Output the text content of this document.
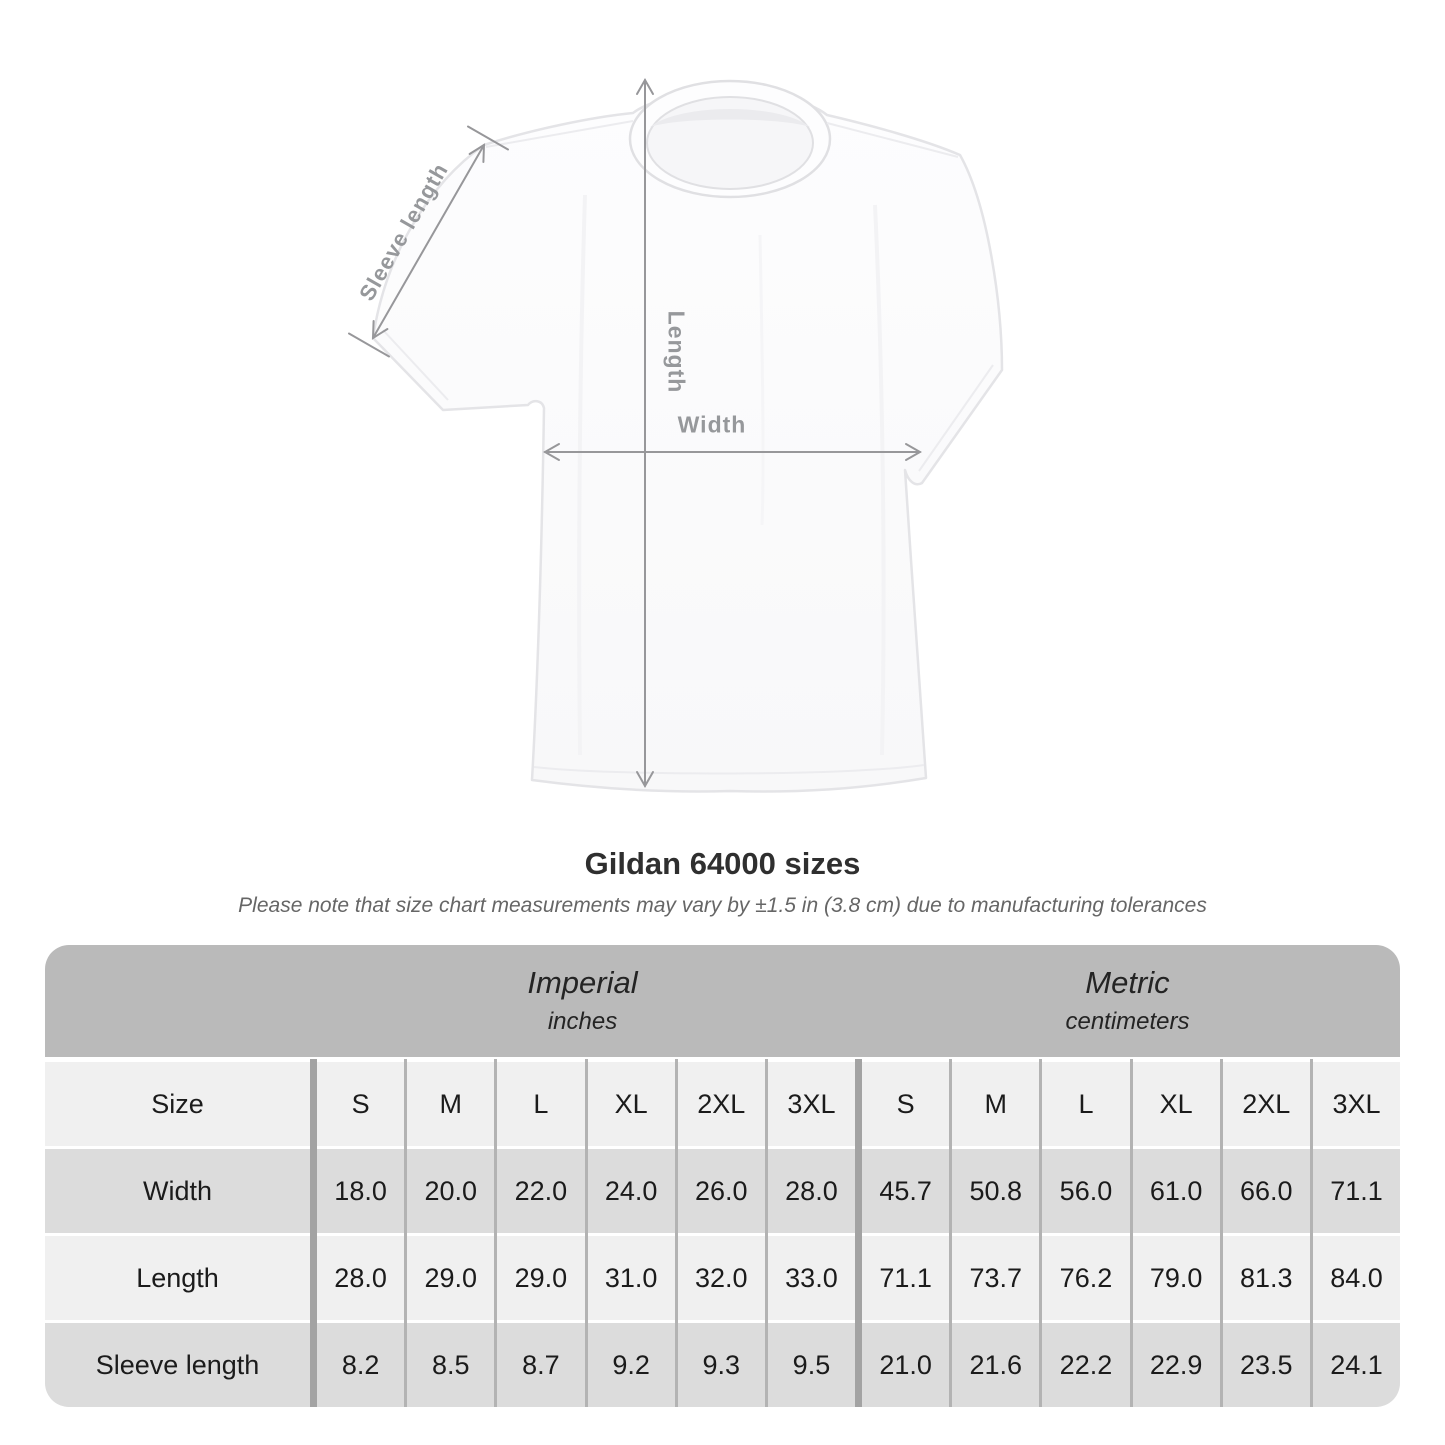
Sleeve length
Length
Width
Gildan 64000 sizes
Please note that size chart measurements may vary by ±1.5 in (3.8 cm) due to manufacturing tolerances
Imperial
inches
Metric
centimeters
Size
Width
Length
Sleeve length
S
18.0
28.0
8.2
M
20.0
29.0
8.5
L
22.0
29.0
8.7
XL
24.0
31.0
9.2
2XL
26.0
32.0
9.3
3XL
28.0
33.0
9.5
S
45.7
71.1
21.0
M
50.8
73.7
21.6
L
56.0
76.2
22.2
XL
61.0
79.0
22.9
2XL
66.0
81.3
23.5
3XL
71.1
84.0
24.1
